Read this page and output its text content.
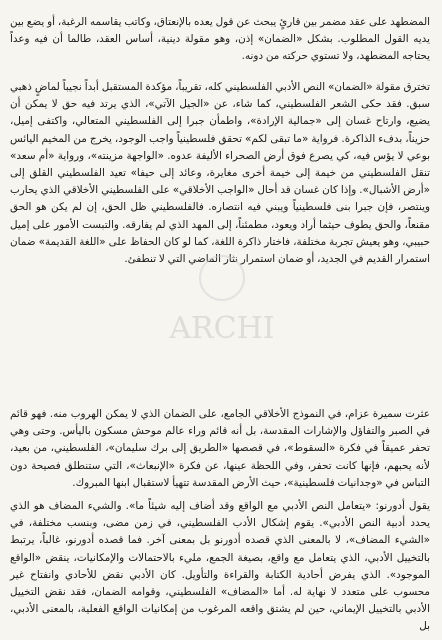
المضطهد على عقد مضمر بين قارئٍ يبحث عن قول يعده بالإنعتاق، وكاتب يقاسمه الرغبة، أو يضع بين يديه القول المطلوب. بشكل «الضمان» إذن، وهو مقولة دينية، أساس العقد، طالما أن فيه وعداً يحتاجه المضطهد، ولا تستوي حركته من دونه.

تخترق مقولة «الضمان» النص الأدبي الفلسطيني كله، تقريباً، مؤكدة المستقبل أبداً نجيباً لماضٍ ذهبي سبق. فقد حكى الشعر الفلسطيني، كما شاء، عن «الجيل الآتي»، الذي يرتد فيه حق لا يمكن أن يضيع، وارتاح غسان إلى «جمالية الإرادة»، واطمأن جبرا إلى الفلسطيني المتعالي، واكتفى إميل، حزيناً، بدفء الذاكرة. فرواية «ما تبقى لكم» تحقق فلسطينياً واجب الوجود، يخرج من المخيم اليائس بوعي لا يؤس فيه، كي يصرع فوق أرض الصحراء الأليفة عدوه. «الواجهة مزينته»، ورواية «أم سعد» تنقل الفلسطيني من خيمة إلى خيمة أخرى مغايرة، وعائد إلى حيفا» تعيد الفلسطيني القلق إلى «أرض الأشبال». وإذا كان غسان قد أحال «الواجب الأخلاقي» على الفلسطيني الأخلاقي الذي يحارب وينتصر، فإن جبرا بنى فلسطينياً ويبني فيه انتصاره. فالفلسطيني ظل الحق، إن لم يكن هو الحق مقنعاً، والحق يطوف حيثما أراد ويعود، مطمئناً، إلى المهد الذي لم يفارقه. والتبست الأمور على إميل حبيبي، وهو يعيش تجربة مختلفة، فاختار ذاكرة اللغة، كما لو كان الحفاظ على «اللغة القديمة» ضمان استمرار القديم في الجديد، أو ضمان استمرار نثار الماضي التي لا تنطفئ.

عثرت سميرة عزام، في النموذج الأخلاقي الجامع، على الضمان الذي لا يمكن الهروب منه. فهو قائم في الصبر والتفاؤل والإشارات المقدسة، بل أنه قائم وراء عالم موحش مسكون باليأس. وحتى وهي تحفر عميقاً في فكرة «السقوط»، في قصصها «الطريق إلى برك سليمان»، الفلسطيني، من بعيد، لأنه يحبهم، فإنها كانت تحفر، وفي اللحظة عينها، عن فكرة «الإنبعاث»، التي ستنطلق فصيحة دون التباس في «وجدانيات فلسطينية»، حيث الأرض المقدسة تتهيأ لاستقبال ابنها المبروك.

يقول أدورنو: «يتعامل النص الأدبي مع الواقع وقد أضاف إليه شيئاً ما». والشيء المضاف هو الذي يحدد أدبية النص الأدبي». يقوم إشكال الأدب الفلسطيني، في زمن مضى، وبنسب مختلفة، في «الشيء المضاف»، لا بالمعنى الذي قصده أدورنو بل بمعنى آخر. فما قصده أدورنو، غالباً، يرتبط بالتخييل الأدبي، الذي يتعامل مع واقع، بصيغة الجمع، مليء بالاحتمالات والإمكانيات، ينقض «الواقع الموجود». الذي يفرض أحادية الكتابة والقراءة والتأويل. كان الأدبي نقض للأحادي وانفتاح غير محسوب على متعدد لا نهاية له. أما «المضاف» الفلسطيني، وقوامه الضمان، فقد نقض التخييل الأدبي بالتخييل الإيماني، حين لم يشتق واقعه المرغوب من إمكانيات الواقع الفعلية، بالمعنى الأدبي، بل

ARCHI
